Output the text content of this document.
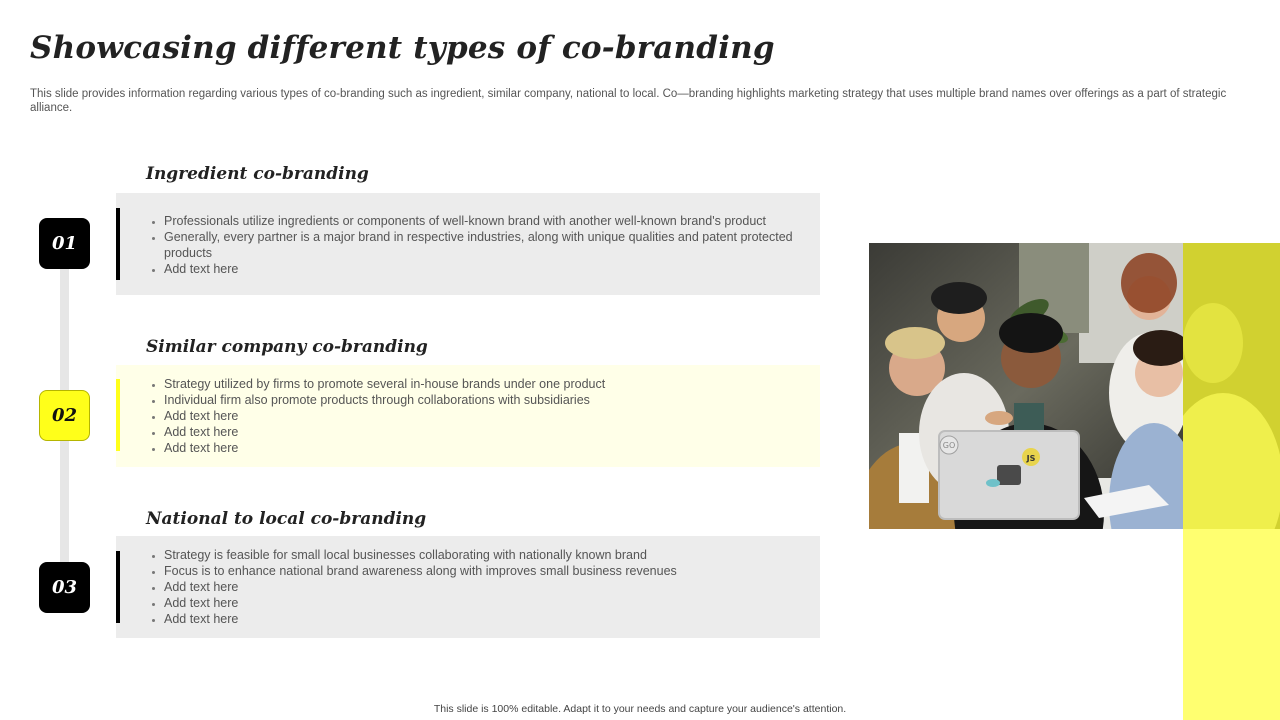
Showcasing different types of co-branding

This slide provides information regarding various types of co-branding such as ingredient, similar company, national to local. Co—branding highlights marketing strategy that uses multiple brand names over offerings as a part of strategic alliance.

01
Ingredient co-branding
• Professionals utilize ingredients or components of well-known brand with another well-known brand's product
• Generally, every partner is a major brand in respective industries, along with unique qualities and patent protected products
• Add text here
02
Similar company co-branding
• Strategy utilized by firms to promote several in-house brands under one product
• Individual firm also promote products through collaborations with subsidiaries
• Add text here
• Add text here
• Add text here
03
National to local co-branding
• Strategy is feasible for small local businesses collaborating with nationally known brand
• Focus is to enhance national brand awareness along with improves small business revenues
• Add text here
• Add text here
• Add text here
GO
JS

This slide is 100% editable. Adapt it to your needs and capture your audience's attention.
